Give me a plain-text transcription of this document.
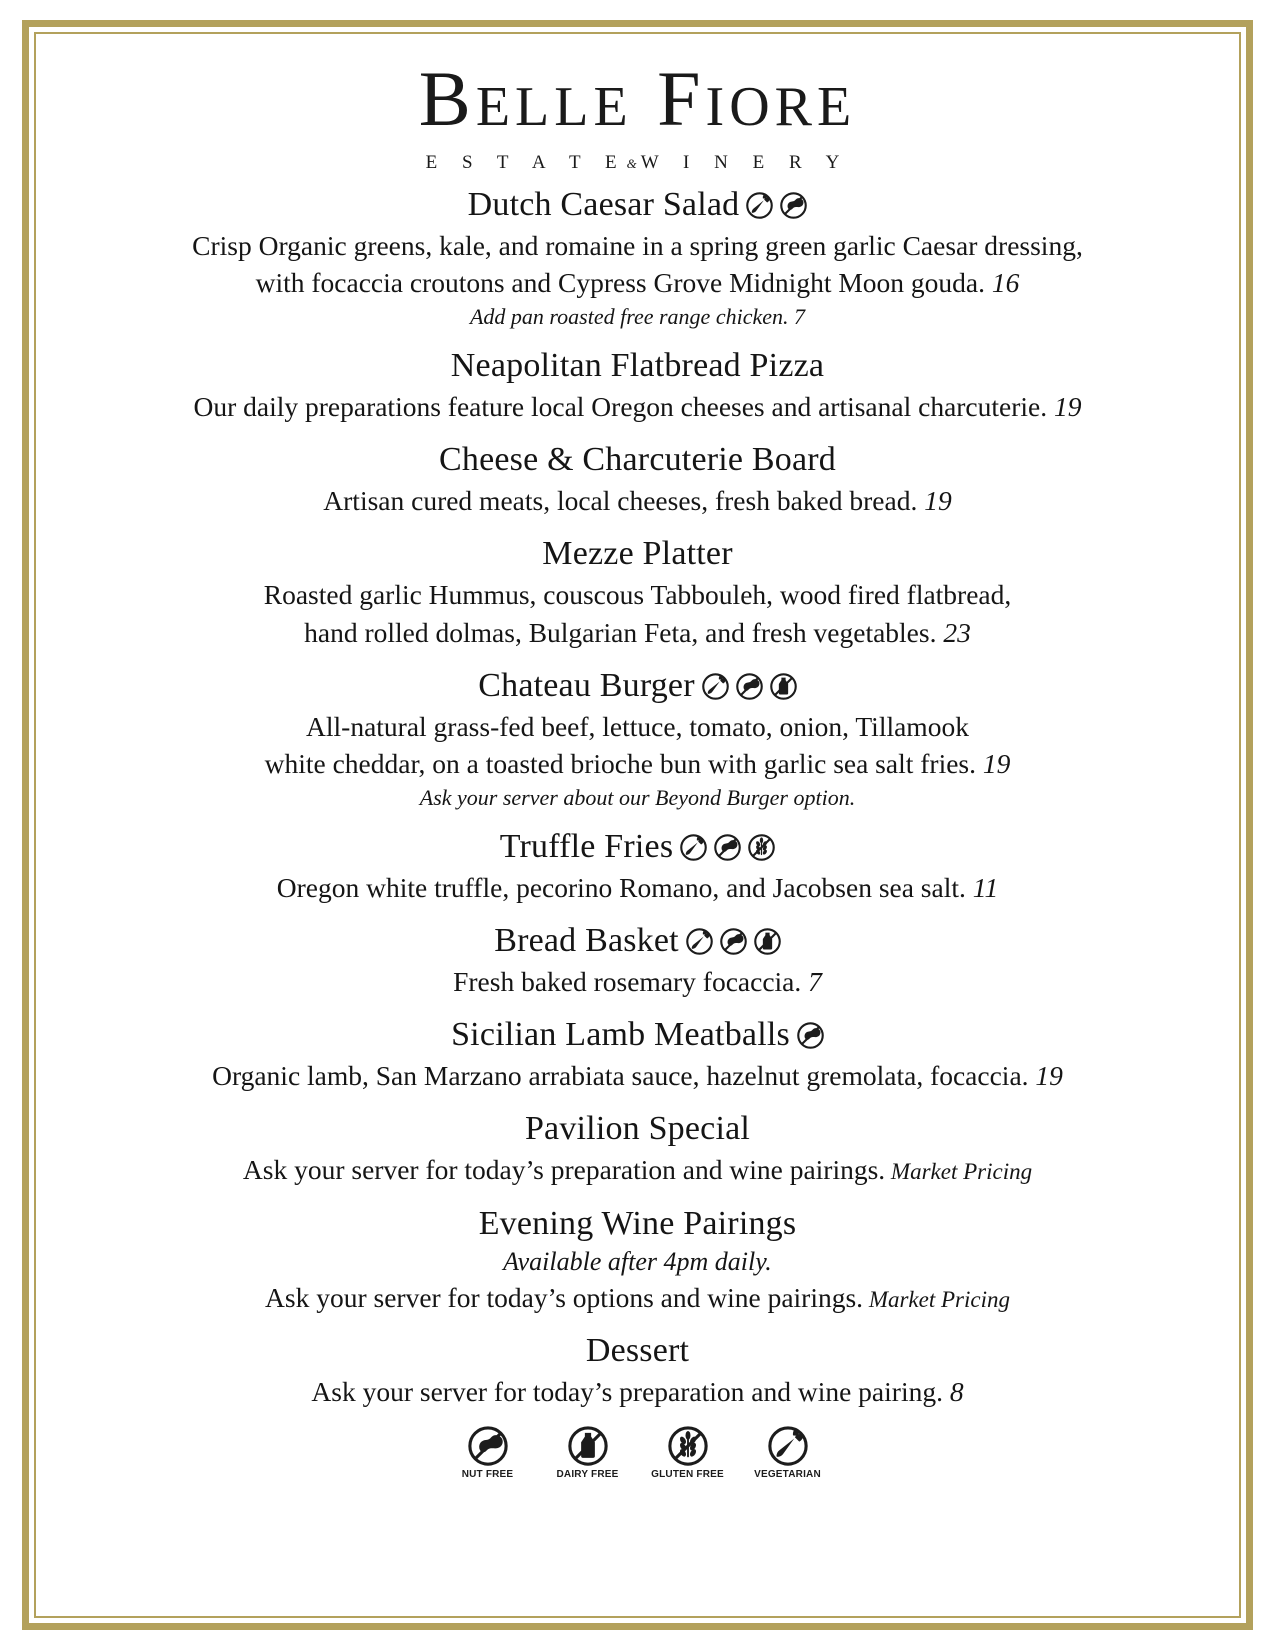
BELLE FIORE
E S T A T E&W I N E R Y
Dutch Caesar Salad
Crisp Organic greens, kale, and romaine in a spring green garlic Caesar dressing,
with focaccia croutons and Cypress Grove Midnight Moon gouda. 16
Add pan roasted free range chicken. 7
Neapolitan Flatbread Pizza
Our daily preparations feature local Oregon cheeses and artisanal charcuterie. 19
Cheese & Charcuterie Board
Artisan cured meats, local cheeses, fresh baked bread. 19
Mezze Platter
Roasted garlic Hummus, couscous Tabbouleh, wood fired flatbread,
hand rolled dolmas, Bulgarian Feta, and fresh vegetables. 23
Chateau Burger
All-natural grass-fed beef, lettuce, tomato, onion, Tillamook
white cheddar, on a toasted brioche bun with garlic sea salt fries. 19
Ask your server about our Beyond Burger option.
Truffle Fries
Oregon white truffle, pecorino Romano, and Jacobsen sea salt. 11
Bread Basket
Fresh baked rosemary focaccia. 7
Sicilian Lamb Meatballs
Organic lamb, San Marzano arrabiata sauce, hazelnut gremolata, focaccia. 19
Pavilion Special
Ask your server for today’s preparation and wine pairings. Market Pricing
Evening Wine Pairings
Available after 4pm daily.
Ask your server for today’s options and wine pairings. Market Pricing
Dessert
Ask your server for today’s preparation and wine pairing. 8
NUT FREE	DAIRY FREE	GLUTEN FREE	VEGETARIAN
